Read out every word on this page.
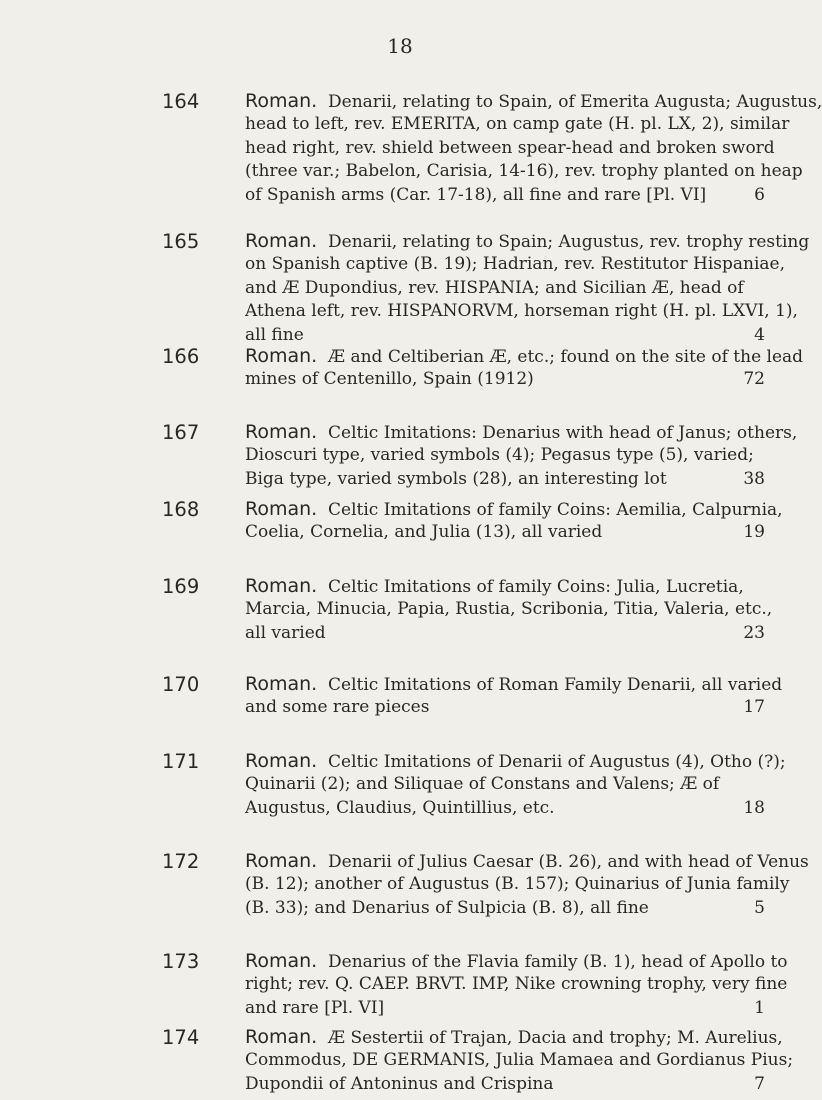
18
164 Roman. Denarii, relating to Spain, of Emerita Augusta; Augustus,
head to left, rev. EMERITA, on camp gate (H. pl. LX, 2), similar
head right, rev. shield between spear-head and broken sword
(three var.; Babelon, Carisia, 14-16), rev. trophy planted on heap
of Spanish arms (Car. 17-18), all fine and rare [Pl. VI]	6
165 Roman. Denarii, relating to Spain; Augustus, rev. trophy resting
on Spanish captive (B. 19); Hadrian, rev. Restitutor Hispaniae,
and Æ Dupondius, rev. HISPANIA; and Sicilian Æ, head of
Athena left, rev. HISPANORVM, horseman right (H. pl. LXVI, 1),
all fine	4
166 Roman. Æ and Celtiberian Æ, etc.; found on the site of the lead
mines of Centenillo, Spain (1912)	72
167 Roman. Celtic Imitations: Denarius with head of Janus; others,
Dioscuri type, varied symbols (4); Pegasus type (5), varied;
Biga type, varied symbols (28), an interesting lot	38
168 Roman. Celtic Imitations of family Coins: Aemilia, Calpurnia,
Coelia, Cornelia, and Julia (13), all varied	19
169 Roman. Celtic Imitations of family Coins: Julia, Lucretia,
Marcia, Minucia, Papia, Rustia, Scribonia, Titia, Valeria, etc.,
all varied	23
170 Roman. Celtic Imitations of Roman Family Denarii, all varied
and some rare pieces	17
171 Roman. Celtic Imitations of Denarii of Augustus (4), Otho (?);
Quinarii (2); and Siliquae of Constans and Valens; Æ of
Augustus, Claudius, Quintillius, etc.	18
172 Roman. Denarii of Julius Caesar (B. 26), and with head of Venus
(B. 12); another of Augustus (B. 157); Quinarius of Junia family
(B. 33); and Denarius of Sulpicia (B. 8), all fine	5
173 Roman. Denarius of the Flavia family (B. 1), head of Apollo to
right; rev. Q. CAEP. BRVT. IMP, Nike crowning trophy, very fine
and rare [Pl. VI]	1
174 Roman. Æ Sestertii of Trajan, Dacia and trophy; M. Aurelius,
Commodus, DE GERMANIS, Julia Mamaea and Gordianus Pius;
Dupondii of Antoninus and Crispina	7
